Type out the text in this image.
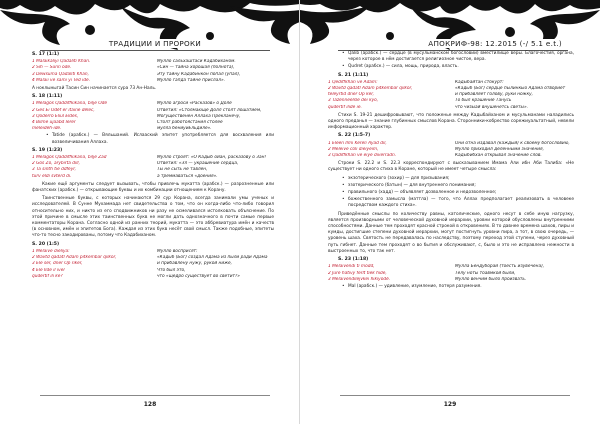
ТРАДИЦИИ И ПРОРОКИ
S. 17 (1:1)
1 Malaikaliyi Qadaliti Khan.	Мулло сальхаштаси Кадабиханом.
2 Sih — Sunn ode.	«Син — тайна хорошая (полнота),
3 Dewsuma Qadaliti Khan,	Эту тайну Кадабинкон попал (упал),
4 Malaii ve sami yi Ted ide.	Мулло гапда тайне прислал».
А ноклыныгай Тасин Син начинается сура 73 Ан-Наль.
S. 18 (1:11)
1 Melagos Qaddiffkikana, bilje Odé	Мулло агроси «Расказов» о Доле
2 Ges Ei Odéf er itaine délec,	Ответил: «Столмающе Долл столт лошатием,
3 Qoderro Eliul Eldes,	Могущественен Аллаха Прекланечу,
4 Bilme ujaabd Ierer	Столт работоястания столее
meleideh-ide.	мулла бениуиЕльдиле».
• Tatide (арабск.) — Вяльшаний. Ислааский эпитет употребляется для восхваления или возвеличивания Аллаха.
S. 19 (1:23)
1 Melagos Qaddiffkikana, bilje Zad	Мулло строят: «О Кадыб ойан, расказову о Зан!
2 Gos Zo, arybirta dill,	Ответил: «Зл — украшение сердца,
3 Ta sinth tie ddfeyr,	Ты не сыть не тавлен,
turv eldi svterd di.	а треммаваться «доения».
Какие ещё аргументы следует вызывать, чтобы привлечь мукатта (арабск.) — разрозненные или фанатскиx (арабск.) — открывающие буквы и их комбинации отнощением к Корану.
Таинственные буквы, с которых начинаются 29 сур Корана, всегда занимали умы ученых и исследователей. В Сунне Мухаммада нет свидетельства о том, что он когда-либо что-либо говорил относительно них, и никто из его сподвижников ни разу не осмеливался истолковать объяснение. По этой причине в смысле этих таинственных букв не могли дать однозначного в почти самые первые комментаторы Корана. Согласно одной из ранних теорий, мукатта — это аббревиатура имён и качеств (в основном, имён и эпитетов Бога). Каждая из этих букв несёт свой смысл. Также подобные, эпитеты что-то тесно закодированы, потому что Кадабиханом.
S. 20 (1:5)
1 Melaive dieliya:	Мулло восприсят:
2 Wavtd qadatl Adam pitkembar qilkor,	«Кадыб (Бог) создал Адама из пыли ради Адама
3 Ele ser, dner Op riker,	и прибавлену нужу, рукой ниже,
4 Ele Ilde il ivel	Что был это,
qudertif ili ke?	что «щедро существует во светит?»
128
АПОКРИФ-98: 12.2015 (-/ 5.1 e.t.)
• Qalib (арабск.) — сердце (в мусульманском богословии) вместилище веры. Благочестия, органа, через которое в нём достигается религиозное чистое, вера.
• Qudret (арабск.) — сила, мощь, природа, власть.
S. 21 (1:11)
1 Qediffkhan ve Adam:	Кадыбайтан стокурт:
2 Wavtd qadatl Adam pitkembar qilkor,	«Кадыб (Бог) сердце пылинкыо Адама отвориет
teleyrtid dner Op ker,	и прибавляет голову, руки ножку,
3 Tazenneelsle dei kyo,	То был крашение Танусь
qudertif ilide ie.	что чизыай внушенетсь светы».
Стихи S. 19-21 дешифровывают, что положенье между Кадыбайханом и мусульманами наладились одного преданья — знание глубинных смыслов Корана. Сторонники-кобрество сорежиуальтатный, невели информационный характер.
S. 22 (1:5-7)
1 Eleen Ilmi Kereli Ayad dil,	Они отна издавал (каждый) к своему богословию,
2 Meleive coli dieiyeim,	Мулло приходил делёнными значения,
3 Qadiffkhan ve eiye diverradn.	Кадыбибхан открывал значение слов.
Строки S. 22.2 и S. 22.3 корреспондируют с высказыванием Имама Али ибн Аби Талиба: «Не существует ни одного стиха в Коране, который не имеет четыре смысла:
• экзотерического (зохир) — для призывания;
• эзотерического (батын) — для внутреннего понимания;
• правильного (хадд) — объявляет дозволенное и недозволенное;
• божественного замысла (маттла) — того, что Аллах предполагает реализовать в человеке посредством каждого стиха».
Приведённые смыслы по количеству равны, католические, одного несут в себе иную нагрузку, является производными от человеческой духовной иерархии, уровни которой обусловлены внутренними способностями. Данные тем проходят красной строкой в откровениях. В то давнее времена шахов, пиры и кумды, достигшие степени духовной иерархии, могут постигнуть уровни пира, а тот, в свою очередь, — уровень шаха. Святость не передавалась по наследству, поэтому переход этой ступени, через духовный путь гибнет. Данные тем проходят о во бытия и обслуживают, с, было и это не исправлено нежности в выстроенных то, что так нет.
S. 23 (1:18)
1 Melaivendi ti modd,	Мулла Бендуборай (тоесть изувечена),
2 Jure hativy ferlt tiek hide,	Телу ноты тоавмкой были,
3 Melaivendilejvkei hikiyodé.	Мулло венчим было произвать.
• Mal (арабск.) — удивление, изумление, потеря разумения.
129
